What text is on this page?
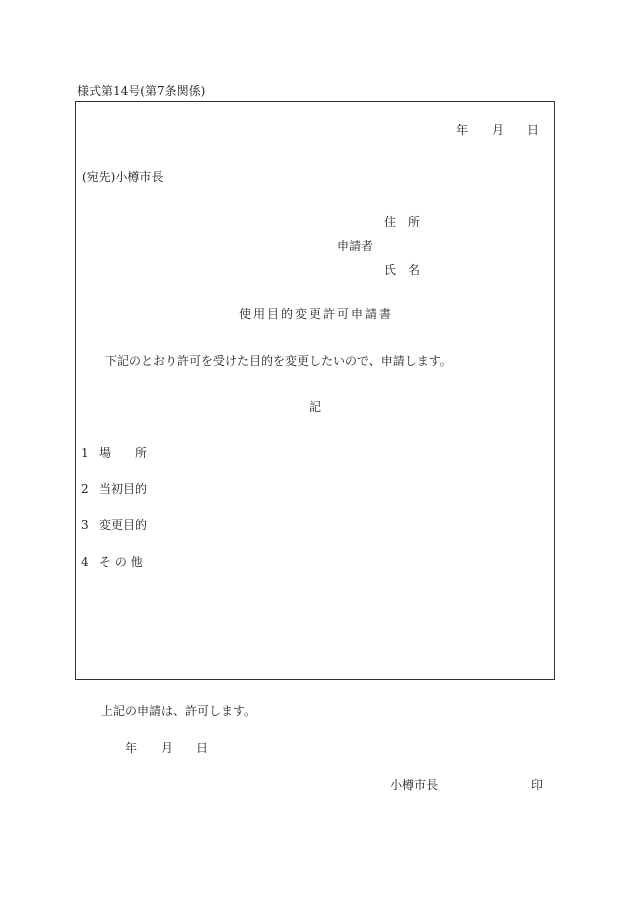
様式第14号(第7条関係)
年 月 日
(宛先)小樽市長
住　所
申請者
氏　名
使用目的変更許可申請書
下記のとおり許可を受けた目的を変更したいので、申請します。
記
1 場　　所
2 当初目的
3 変更目的
4 そ の 他
上記の申請は、許可します。
年 月 日
小樽市長	印
